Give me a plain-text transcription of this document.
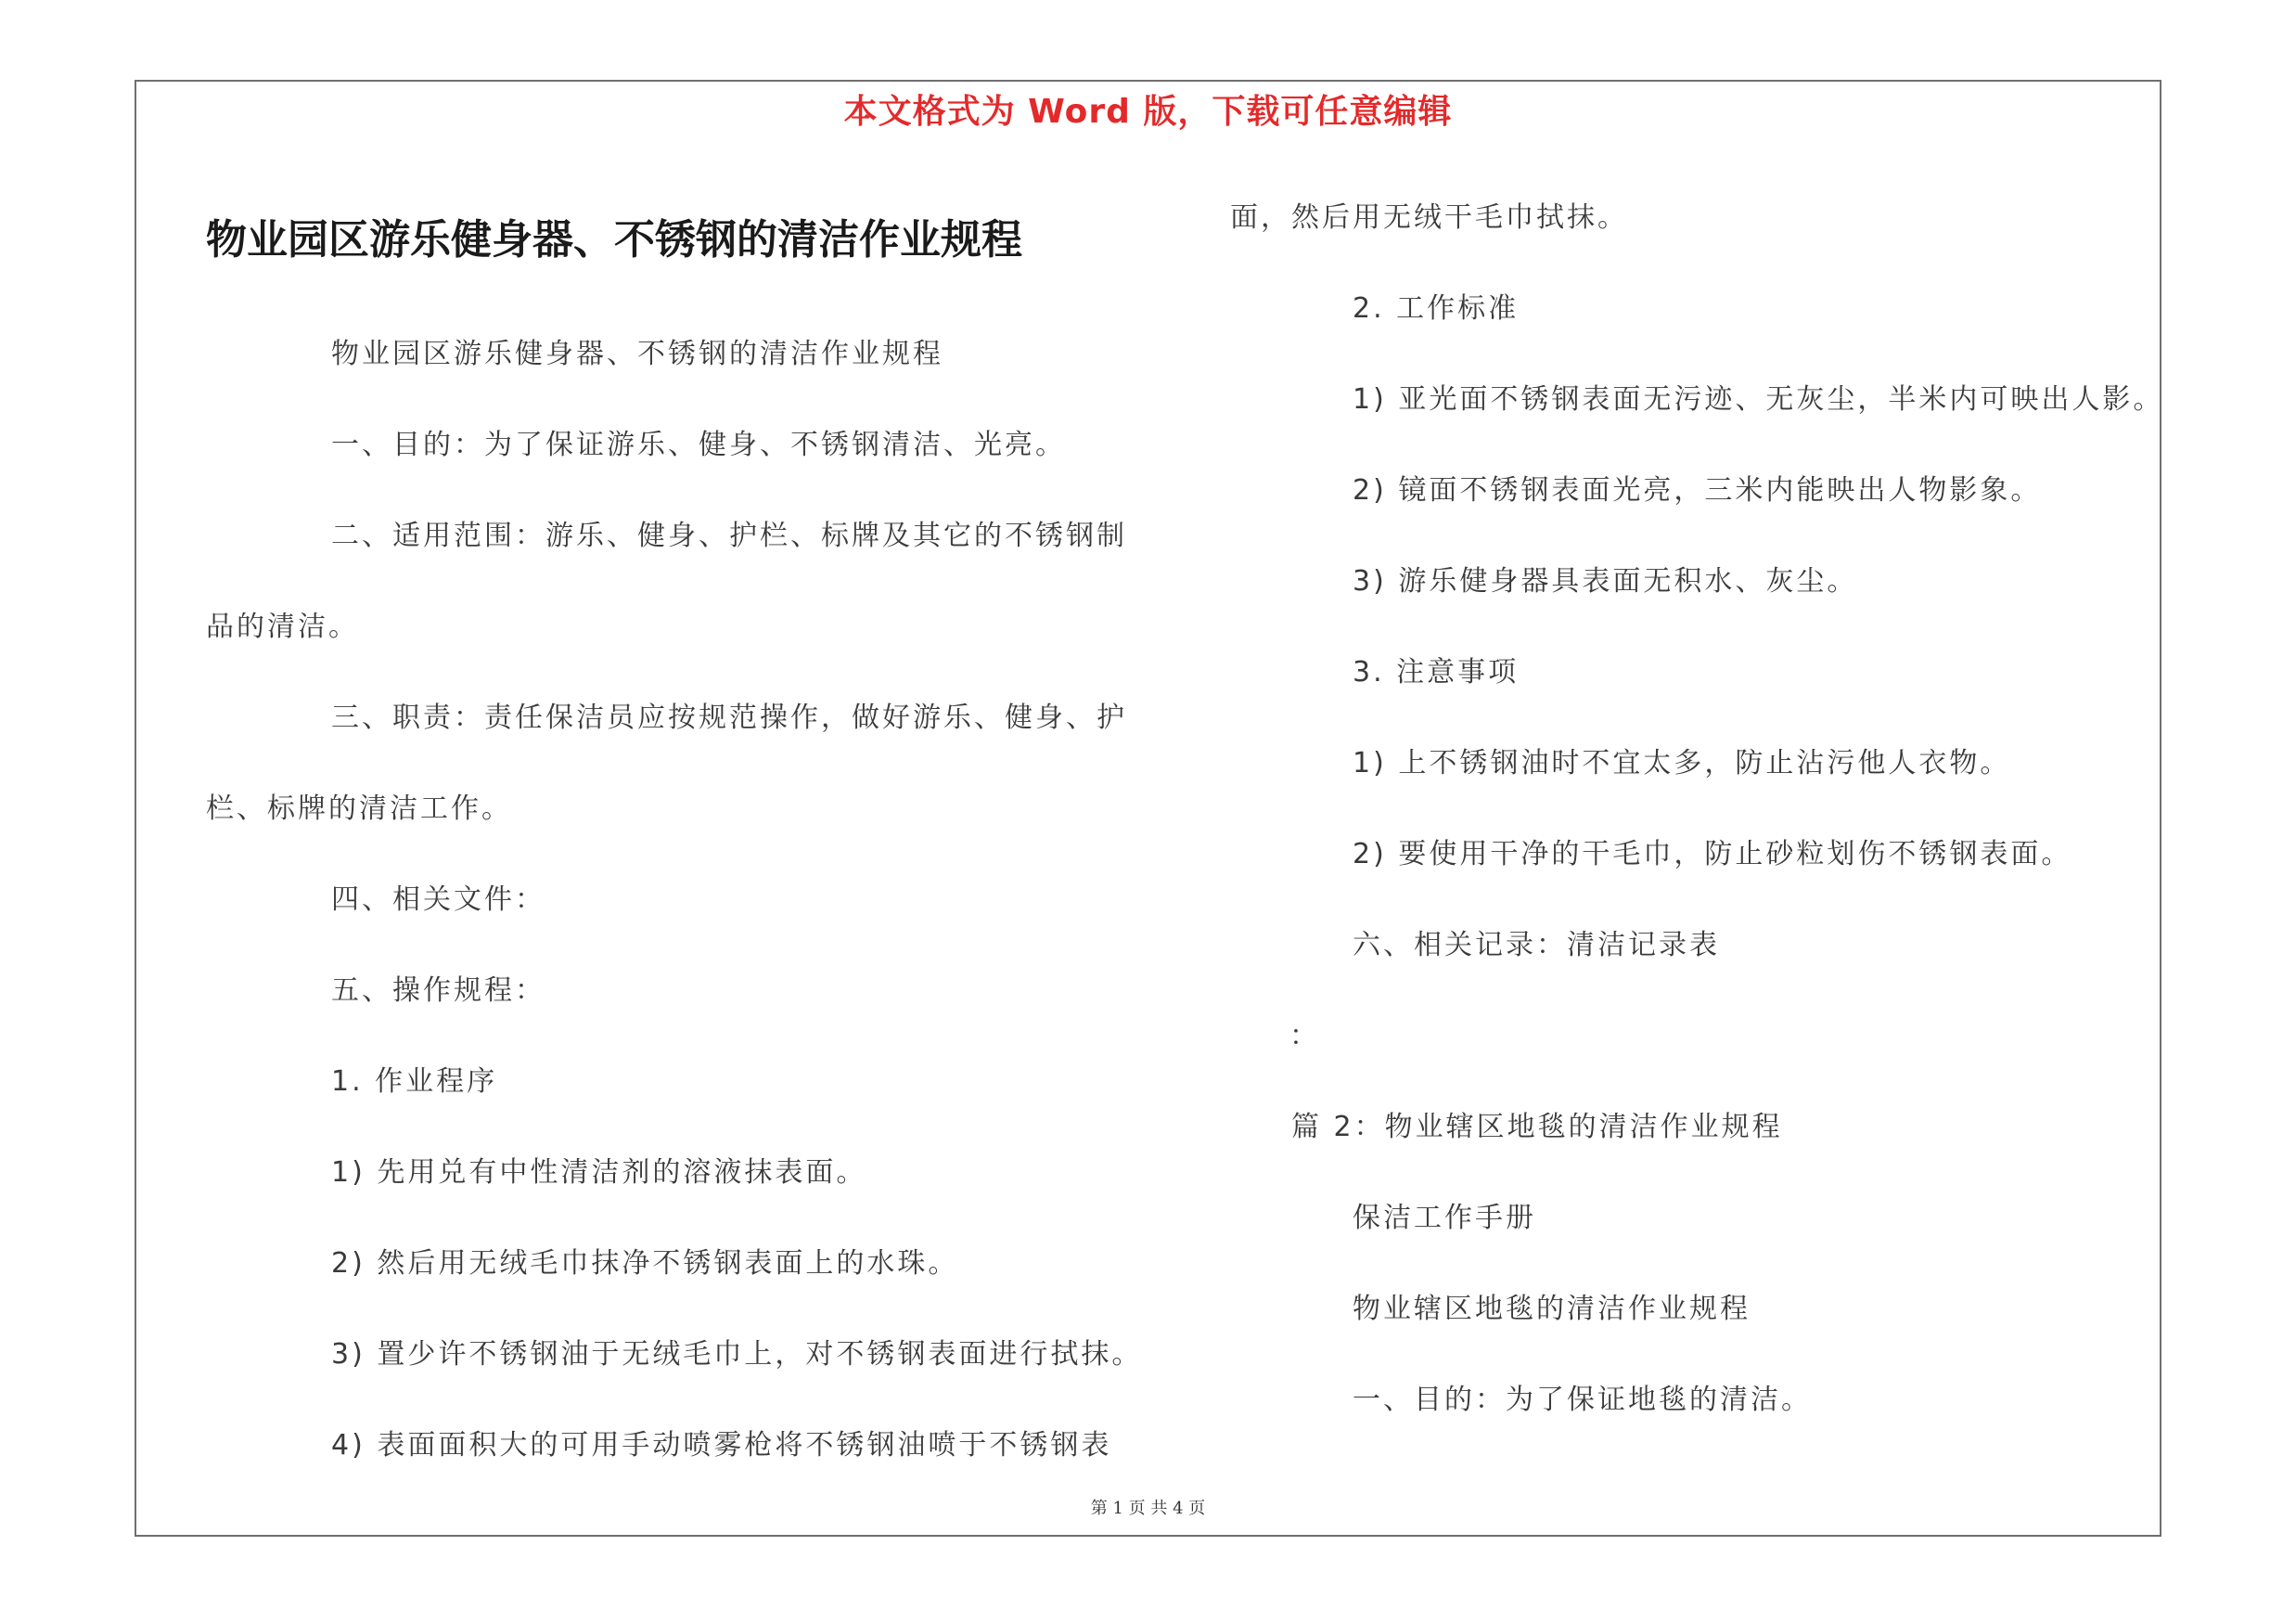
本文格式为 Word 版，下载可任意编辑
物业园区游乐健身器、不锈钢的清洁作业规程
物业园区游乐健身器、不锈钢的清洁作业规程
一、目的：为了保证游乐、健身、不锈钢清洁、光亮。
二、适用范围：游乐、健身、护栏、标牌及其它的不锈钢制
品的清洁。
三、职责：责任保洁员应按规范操作，做好游乐、健身、护
栏、标牌的清洁工作。
四、相关文件：
五、操作规程：
1. 作业程序
1) 先用兑有中性清洁剂的溶液抹表面。
2) 然后用无绒毛巾抹净不锈钢表面上的水珠。
3) 置少许不锈钢油于无绒毛巾上，对不锈钢表面进行拭抹。
4) 表面面积大的可用手动喷雾枪将不锈钢油喷于不锈钢表
面，然后用无绒干毛巾拭抹。
2. 工作标准
1) 亚光面不锈钢表面无污迹、无灰尘，半米内可映出人影。
2) 镜面不锈钢表面光亮，三米内能映出人物影象。
3) 游乐健身器具表面无积水、灰尘。
3. 注意事项
1) 上不锈钢油时不宜太多，防止沾污他人衣物。
2) 要使用干净的干毛巾，防止砂粒划伤不锈钢表面。
六、相关记录：清洁记录表
：
篇 2：物业辖区地毯的清洁作业规程
保洁工作手册
物业辖区地毯的清洁作业规程
一、目的：为了保证地毯的清洁。
第 1 页 共 4 页
